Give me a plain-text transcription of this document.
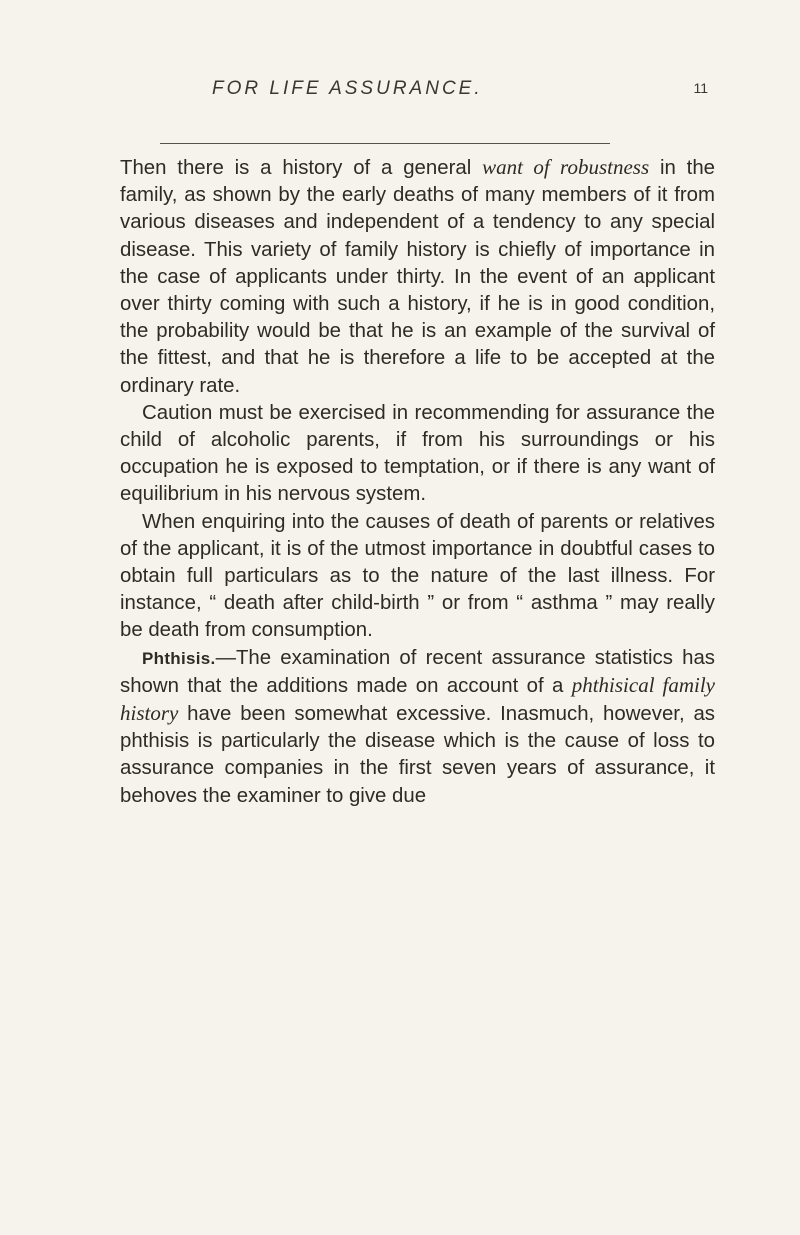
FOR LIFE ASSURANCE.	11

Then there is a history of a general want of robustness in the family, as shown by the early deaths of many members of it from various diseases and independent of a tendency to any special disease. This variety of family history is chiefly of importance in the case of applicants under thirty. In the event of an applicant over thirty coming with such a history, if he is in good condition, the probability would be that he is an example of the survival of the fittest, and that he is therefore a life to be accepted at the ordinary rate.

Caution must be exercised in recommending for assurance the child of alcoholic parents, if from his surroundings or his occupation he is exposed to temptation, or if there is any want of equilibrium in his nervous system.

When enquiring into the causes of death of parents or relatives of the applicant, it is of the utmost importance in doubtful cases to obtain full particulars as to the nature of the last illness. For instance, “ death after child-birth ” or from “ asthma ” may really be death from consumption.

Phthisis.—The examination of recent assurance statistics has shown that the additions made on account of a phthisical family history have been somewhat excessive. Inasmuch, however, as phthisis is particularly the disease which is the cause of loss to assurance companies in the first seven years of assurance, it behoves the examiner to give due
